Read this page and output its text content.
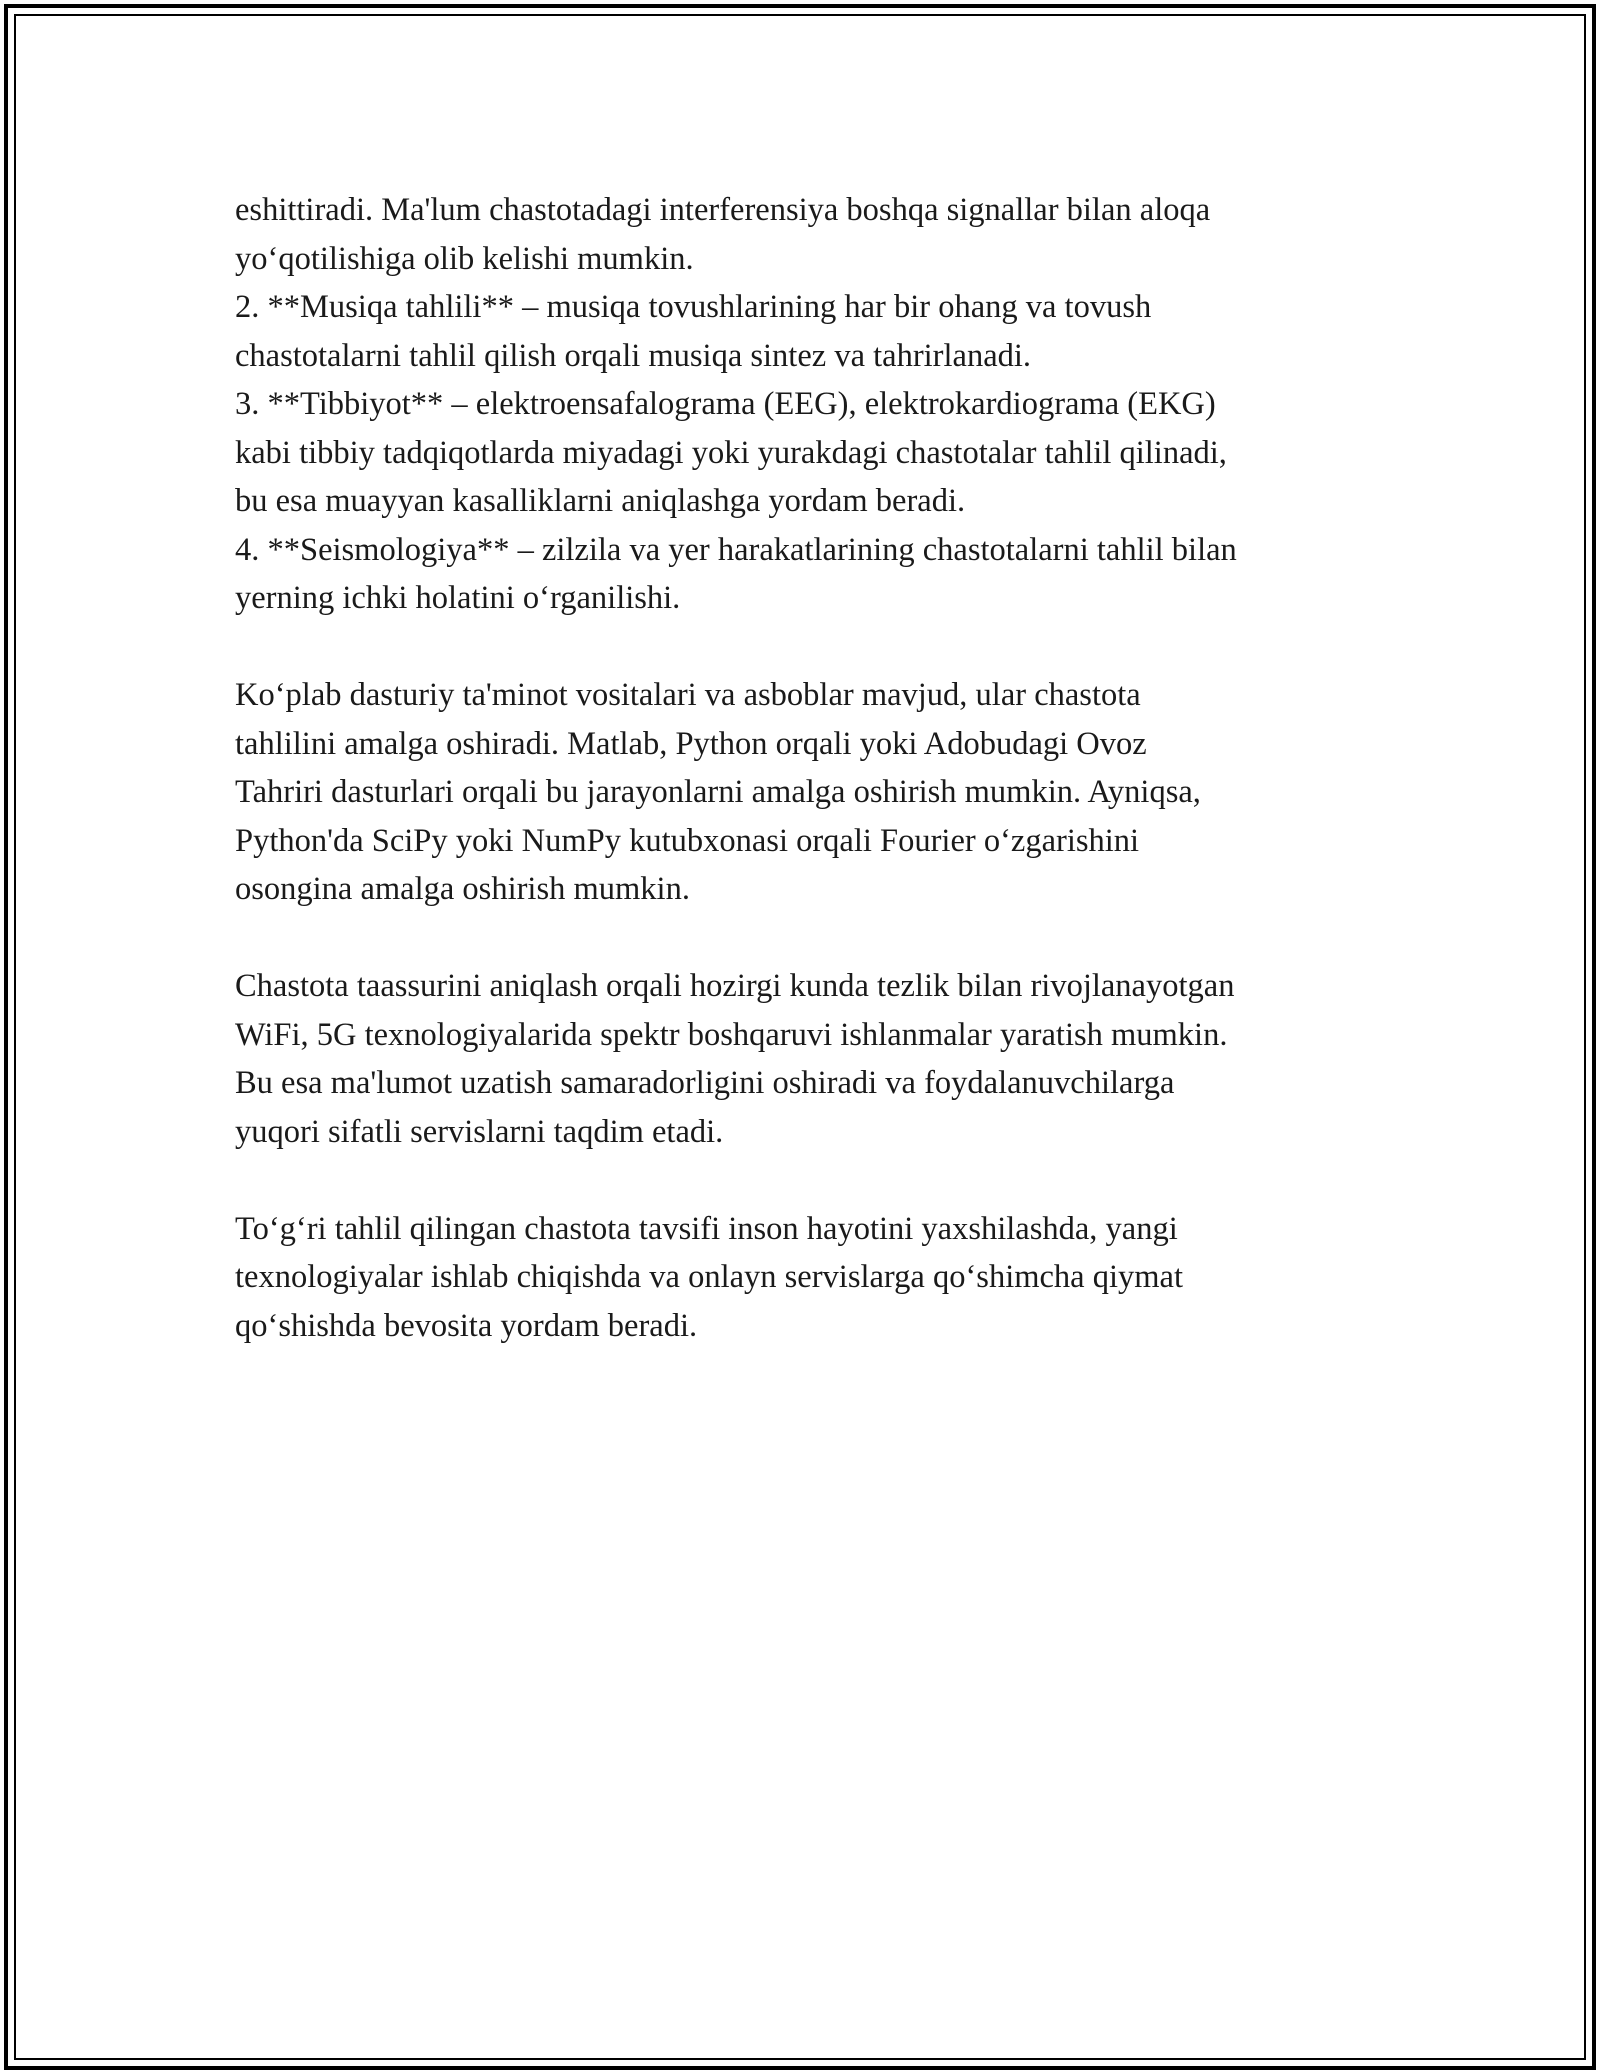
eshittiradi. Ma'lum chastotadagi interferensiya boshqa signallar bilan aloqa
yo‘qotilishiga olib kelishi mumkin.
2. **Musiqa tahlili** – musiqa tovushlarining har bir ohang va tovush
chastotalarni tahlil qilish orqali musiqa sintez va tahrirlanadi.
3. **Tibbiyot** – elektroensafalograma (EEG), elektrokardiograma (EKG)
kabi tibbiy tadqiqotlarda miyadagi yoki yurakdagi chastotalar tahlil qilinadi,
bu esa muayyan kasalliklarni aniqlashga yordam beradi.
4. **Seismologiya** – zilzila va yer harakatlarining chastotalarni tahlil bilan
yerning ichki holatini o‘rganilishi.

Ko‘plab dasturiy ta'minot vositalari va asboblar mavjud, ular chastota
tahlilini amalga oshiradi. Matlab, Python orqali yoki Adobudagi Ovoz
Tahriri dasturlari orqali bu jarayonlarni amalga oshirish mumkin. Ayniqsa,
Python'da SciPy yoki NumPy kutubxonasi orqali Fourier o‘zgarishini
osongina amalga oshirish mumkin.

Chastota taassurini aniqlash orqali hozirgi kunda tezlik bilan rivojlanayotgan
WiFi, 5G texnologiyalarida spektr boshqaruvi ishlanmalar yaratish mumkin.
Bu esa ma'lumot uzatish samaradorligini oshiradi va foydalanuvchilarga
yuqori sifatli servislarni taqdim etadi.

To‘g‘ri tahlil qilingan chastota tavsifi inson hayotini yaxshilashda, yangi
texnologiyalar ishlab chiqishda va onlayn servislarga qo‘shimcha qiymat
qo‘shishda bevosita yordam beradi.
